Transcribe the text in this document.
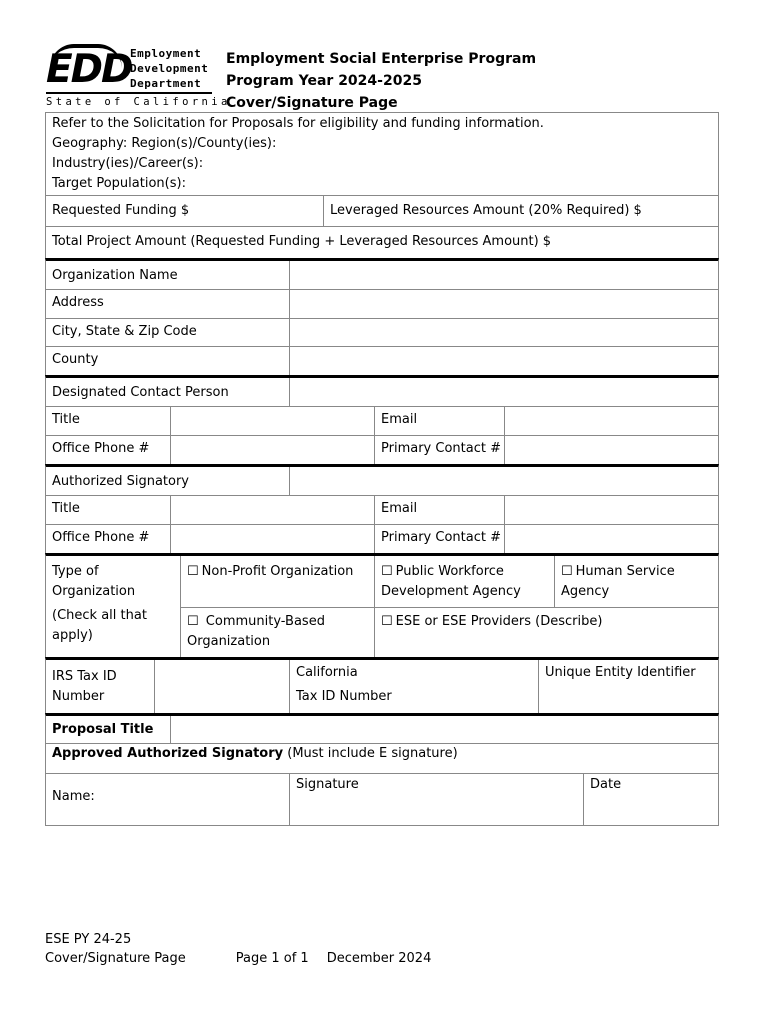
EDD
Employment
Development
Department
State of California
Employment Social Enterprise Program
Program Year 2024-2025
Cover/Signature Page
Refer to the Solicitation for Proposals for eligibility and funding information.
Geography: Region(s)/County(ies):
Industry(ies)/Career(s):
Target Population(s):
Requested Funding $	Leveraged Resources Amount (20% Required) $
Total Project Amount (Requested Funding + Leveraged Resources Amount) $
Organization Name
Address
City, State & Zip Code
County
Designated Contact Person
Title	Email
Office Phone #	Primary Contact #
Authorized Signatory
Title	Email
Office Phone #	Primary Contact #
Type of
Organization
(Check all that
apply)
☐ Non-Profit Organization	☐ Public Workforce
Development Agency
☐ Human Service
Agency
☐ Community-Based
Organization
☐ ESE or ESE Providers (Describe)
IRS Tax ID
Number
California
Tax ID Number
Unique Entity Identifier
Proposal Title
Approved Authorized Signatory (Must include E signature)
Name:
Signature	Date
ESE PY 24-25
Cover/Signature Page	Page 1 of 1 December 2024
